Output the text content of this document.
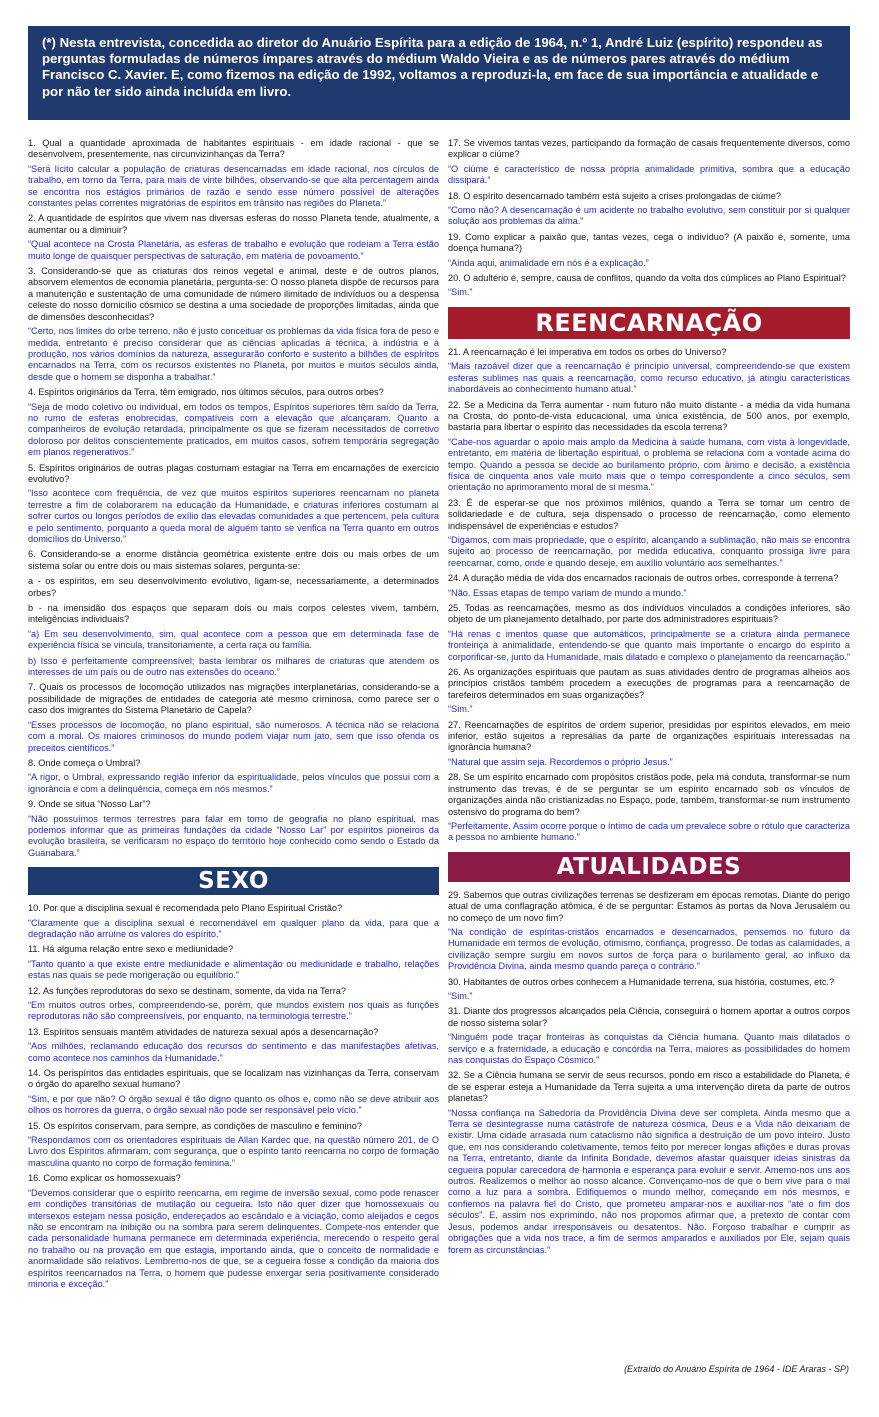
(*) Nesta entrevista, concedida ao diretor do Anuário Espírita para a edição de 1964, n.º 1, André Luiz (espírito) respondeu as perguntas formuladas de números ímpares através do médium Waldo Vieira e as de números pares através do médium Francisco C. Xavier. E, como fizemos na edição de 1992, voltamos a reproduzi-la, em face de sua importância e atualidade e por não ter sido ainda incluída em livro.
1. Qual a quantidade aproximada de habitantes espirituais - em idade racional - que se desenvolvem, presentemente, nas circunvizinhanças da Terra?
“Será lícito calcular a população de criaturas desencarnadas em idade racional, nos círculos de trabalho, em torno da Terra, para mais de vinte bilhões, observando-se que alta percentagem ainda se encontra nos estágios primários de razão e sendo esse número possível de alterações constantes pelas correntes migratórias de espíritos em trânsito nas regiões do Planeta.”
2. A quantidade de espíritos que vivem nas diversas esferas do nosso Planeta tende, atualmente, a aumentar ou a diminuir?
“Qual acontece na Crosta Planetária, as esferas de trabalho e evolução que rodeiam a Terra estão muito longe de quaisquer perspectivas de saturação, em matéria de povoamento.”
3. Considerando-se que as criaturas dos reinos vegetal e animal, deste e de outros planos, absorvem elementos de economia planetária, pergunta-se: O nosso planeta dispõe de recursos para a manutenção e sustentação de uma comunidade de número ilimitado de indivíduos ou a despensa celeste do nosso domicílio cósmico se destina a uma sociedade de proporções limitadas, ainda que de dimensões desconhecidas?
“Certo, nos limites do orbe terreno, não é justo conceituar os problemas da vida física fora de peso e medida, entretanto é preciso considerar que as ciências aplicadas à técnica, à indústria e à produção, nos vários domínios da natureza, assegurarão conforto e sustento a bilhões de espíritos encarnados na Terra, com os recursos existentes no Planeta, por muitos e muitos séculos ainda, desde que o homem se disponha a trabalhar.”
4. Espíritos originários da Terra, têm emigrado, nos últimos séculos, para outros orbes?
“Seja de modo coletivo ou individual, em todos os tempos, Espíritos superiores têm saído da Terra, no rumo de esferas enobrecidas, compatíveis com a elevação que alcançaram. Quanto a companheiros de evolução retardada, principalmente os que se fizeram necessitados de corretivo doloroso por delitos conscientemente praticados, em muitos casos, sofrem temporária segregação em planos regenerativos.”
5. Espíritos originários de outras plagas costumam estagiar na Terra em encarnações de exercício evolutivo?
“Isso acontece com frequência, de vez que muitos espíritos superiores reencarnam no planeta terrestre a fim de colaborarem na educação da Humanidade, e criaturas inferiores costumam aí sofrer curtos ou longos períodos de exílio das elevadas comunidades a que pertencem, pela cultura e pelo sentimento, porquanto a queda moral de alguém tanto se verifica na Terra quanto em outros domicílios do Universo.”
6. Considerando-se a enorme distância geométrica existente entre dois ou mais orbes de um sistema solar ou entre dois ou mais sistemas solares, pergunta-se:
a - os espíritos, em seu desenvolvimento evolutivo, ligam-se, necessariamente, a determinados orbes?
b - na imensidão dos espaços que separam dois ou mais corpos celestes vivem, também, inteligências individuais?
“a) Em seu desenvolvimento, sim, qual acontece com a pessoa que em determinada fase de experiência física se vincula, transitoriamente, a certa raça ou família.
b) Isso é perfeitamente compreensível; basta lembrar os milhares de criaturas que atendem os interesses de um país ou de outro nas extensões do oceano.”
7. Quais os processos de locomoção utilizados nas migrações interplanetárias, considerando-se a possibilidade de migrações de entidades de categoria até mesmo criminosa, como parece ser o caso dos imigrantes do Sistema Planetário de Capela?
“Esses processos de locomoção, no plano espiritual, são numerosos. A técnica não se relaciona com a moral. Os maiores criminosos do mundo podem viajar num jato, sem que isso ofenda os preceitos científicos.”
8. Onde começa o Umbral?
“A rigor, o Umbral, expressando região inferior da espiritualidade, pelos vínculos que possui com a ignorância e com a delinquência, começa em nós mesmos.”
9. Onde se situa “Nosso Lar”?
“Não possuímos termos terrestres para falar em torno de geografia no plano espiritual, mas podemos informar que as primeiras fundações da cidade “Nosso Lar” por espíritos pioneiros da evolução brasileira, se verificaram no espaço do território hoje conhecido como sendo o Estado da Guanabara.”
SEXO
10. Por que a disciplina sexual é recomendada pelo Plano Espiritual Cristão?
“Claramente que a disciplina sexual é recomendável em qualquer plano da vida, para que a degradação não arruíne os valores do espírito.”
11. Há alguma relação entre sexo e mediunidade?
“Tanto quanto a que existe entre mediunidade e alimentação ou mediunidade e trabalho, relações estas nas quais se pede morigeração ou equilíbrio.”
12. As funções reprodutoras do sexo se destinam, somente, da vida na Terra?
“Em muitos outros orbes, compreendendo-se, porém, que mundos existem nos quais as funções reprodutoras não são compreensíveis, por enquanto, na terminologia terrestre.”
13. Espíritos sensuais mantêm atividades de natureza sexual após a desencarnação?
“Aos milhões, reclamando educação dos recursos do sentimento e das manifestações afetivas, como acontece nos caminhos da Humanidade.”
14. Os perispíritos das entidades espirituais, que se localizam nas vizinhanças da Terra, conservam o órgão do aparelho sexual humano?
“Sim, e por que não? O órgão sexual é tão digno quanto os olhos e, como não se deve atribuir aos olhos os horrores da guerra, o órgão sexual não pode ser responsável pelo vício.”
15. Os espíritos conservam, para sempre, as condições de masculino e feminino?
“Respondamos com os orientadores espirituais de Allan Kardec que, na questão número 201, de O Livro dos Espíritos afirmaram, com segurança, que o espírito tanto reencarna no corpo de formação masculina quanto no corpo de formação feminina.”
16. Como explicar os homossexuais?
“Devemos considerar que o espírito reencarna, em regime de inversão sexual, como pode renascer em condições transitórias de mutilação ou cegueira. Isto não quer dizer que homossexuais ou intersexos estejam nessa posição, endereçados ao escândalo e à viciação, como aleijados e cegos não se encontram na inibição ou na sombra para serem delinquentes. Compete-nos entender que cada personalidade humana permanece em determinada experiência, merecendo o respeito geral no trabalho ou na provação em que estagia, importando ainda, que o conceito de normalidade e anormalidade são relativos. Lembremo-nos de que, se a cegueira fosse a condição da maioria dos espíritos reencarnados na Terra, o homem que pudesse enxergar seria positivamente considerado minoria e exceção.”
17. Se vivemos tantas vezes, participando da formação de casais frequentemente diversos, como explicar o ciúme?
“O ciúme é característico de nossa própria animalidade primitiva, sombra que a educação dissipará.”
18. O espírito desencarnado também está sujeito a crises prolongadas de ciúme?
“Como não? A desencarnação é um acidente no trabalho evolutivo, sem constituir por si qualquer solução aos problemas da alma.”
19. Como explicar a paixão que, tantas vezes, cega o indivíduo? (A paixão é, somente, uma doença humana?)
“Ainda aqui, animalidade em nós é a explicação.”
20. O adultério é, sempre, causa de conflitos, quando da volta dos cúmplices ao Plano Espiritual?
“Sim.”
REENCARNAÇÃO
21. A reencarnação é lei imperativa em todos os orbes do Universo?
“Mais razoável dizer que a reencarnação é princípio universal, compreendendo-se que existem esferas sublimes nas quais a reencarnação, como recurso educativo, já atingiu características inabordáveis ao conhecimento humano atual.”
22. Se a Medicina da Terra aumentar - num futuro não muito distante - a média da vida humana na Crosta, do ponto-de-vista educacional, uma única existência, de 500 anos, por exemplo, bastaria para libertar o espírito das necessidades da escola terrena?
“Cabe-nos aguardar o apoio mais amplo da Medicina à saúde humana, com vista à longevidade, entretanto, em matéria de libertação espiritual, o problema se relaciona com a vontade acima do tempo. Quando a pessoa se decide ao burilamento próprio, com ânimo e decisão, a existência física de cinquenta anos vale muito mais que o tempo correspondente a cinco séculos, sem orientação no aprimoramento moral de si mesma.”
23. É de esperar-se que nos próximos milênios, quando a Terra se tornar um centro de solidariedade e de cultura, seja dispensado o processo de reencarnação, como elemento indispensável de experiências e estudos?
“Digamos, com mais propriedade, que o espírito, alcançando a sublimação, não mais se encontra sujeito ao processo de reencarnação, por medida educativa, conquanto prossiga livre para reencarnar, como, onde e quando deseje, em auxílio voluntário aos semelhantes.”
24. A duração média de vida dos encarnados racionais de outros orbes, corresponde à terrena?
“Não. Essas etapas de tempo variam de mundo a mundo.”
25. Todas as reencarnações, mesmo as dos indivíduos vinculados a condições inferiores, são objeto de um planejamento detalhado, por parte dos administradores espirituais?
“Há renas c imentos quase que automáticos, principalmente se a criatura ainda permanece fronteiriça à animalidade, entendendo-se que quanto mais importante o encargo do espírito a corporificar-se, junto da Humanidade, mais dilatado e complexo o planejamento da reencarnação.”
26. As organizações espirituais que pautam as suas atividades dentro de programas alheios aos princípios cristãos também procedem a execuções de programas para a reencarnação de tarefeiros determinados em suas organizações?
“Sim.”
27. Reencarnações de espíritos de ordem superior, presididas por espíritos elevados, em meio inferior, estão sujeitos a represálias da parte de organizações espirituais interessadas na ignorância humana?
“Natural que assim seja. Recordemos o próprio Jesus.”
28. Se um espírito encarnado com propósitos cristãos pode, pela má conduta, transformar-se num instrumento das trevas, é de se perguntar se um espírito encarnado sob os vínculos de organizações ainda não cristianizadas no Espaço, pode, também, transformar-se num instrumento ostensivo do programa do bem?
“Perfeitamente. Assim ocorre porque o íntimo de cada um prevalece sobre o rótulo que caracteriza a pessoa no ambiente humano.”
ATUALIDADES
29. Sabemos que outras civilizações terrenas se desfizeram em épocas remotas. Diante do perigo atual de uma conflagração atômica, é de se perguntar: Estamos às portas da Nova Jerusalém ou no começo de um novo fim?
“Na condição de espíritas-cristãos encarnados e desencarnados, pensemos no futuro da Humanidade em termos de evolução, otimismo, confiança, progresso. De todas as calamidades, a civilização sempre surgiu em novos surtos de força para o burilamento geral, ao influxo da Providência Divina, ainda mesmo quando pareça o contrário.”
30. Habitantes de outros orbes conhecem a Humanidade terrena, sua história, costumes, etc.?
“Sim.”
31. Diante dos progressos alcançados pela Ciência, conseguirá o homem aportar a outros corpos de nosso sistema solar?
“Ninguém pode traçar fronteiras às conquistas da Ciência humana. Quanto mais dilatados o serviço e a fraternidade, a educação e concórdia na Terra, maiores as possibilidades do homem nas conquistas do Espaço Cósmico.”
32. Se a Ciência humana se servir de seus recursos, pondo em risco a estabilidade do Planeta, é de se esperar esteja a Humanidade da Terra sujeita a uma intervenção direta da parte de outros planetas?
“Nossa confiança na Sabedoria da Providência Divina deve ser completa. Ainda mesmo que a Terra se desintegrasse numa catástrofe de natureza cósmica, Deus e a Vida não deixariam de existir. Uma cidade arrasada num cataclismo não significa a destruição de um povo inteiro. Justo que, em nos considerando coletivamente, temos feito por merecer longas aflições e duras provas na Terra, entretanto, diante da Infinita Bondade, devemos afastar quaisquer ideias sinistras da cegueira popular carecedora de harmonia e esperança para evoluir e servir. Amemo-nos uns aos outros. Realizemos o melhor ao nosso alcance. Convençamo-nos de que o bem vive para o mal como a luz para a sombra. Edifiquemos o mundo melhor, começando em nós mesmos, e confiemos na palavra fiel do Cristo, que prometeu amparar-nos e auxiliar-nos “até o fim dos séculos”. E, assim nos exprimindo, não nos propomos afirmar que, a pretexto de contar com Jesus, podemos andar irresponsáveis ou desatentos. Não. Forçoso trabalhar e cumprir as obrigações que a vida nos trace, a fim de sermos amparados e auxiliados por Ele, sejam quais forem as circunstâncias.”
(Extraído do Anuário Espírita de 1964 - IDE Araras - SP)
